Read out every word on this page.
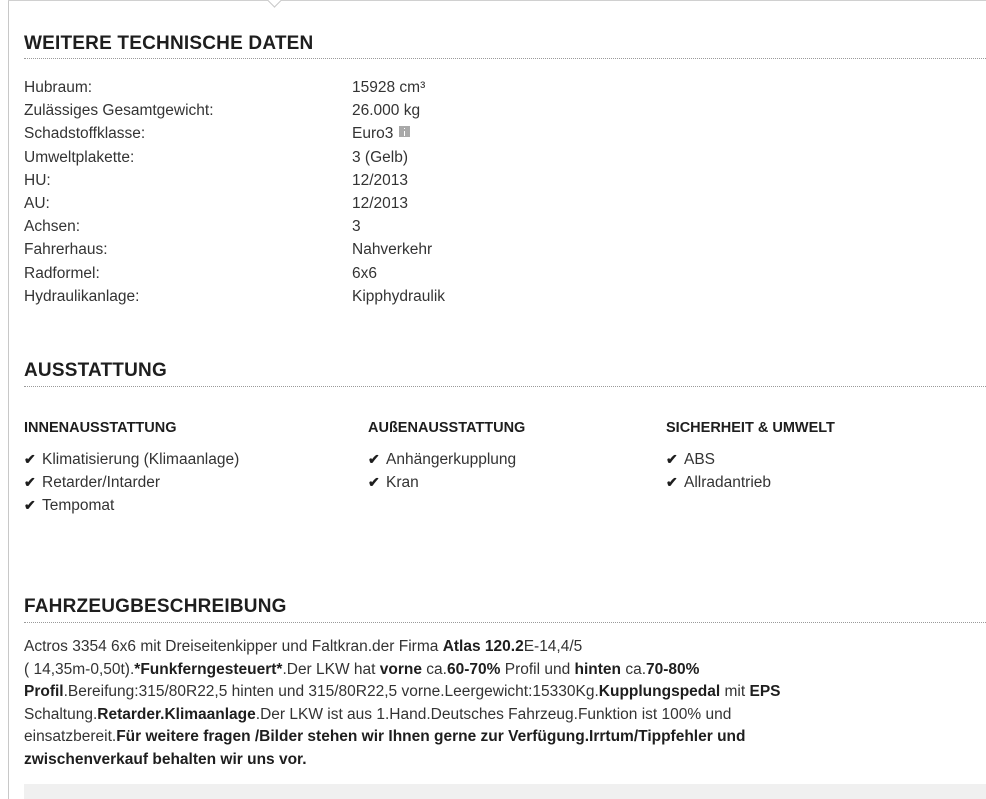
WEITERE TECHNISCHE DATEN
Hubraum:	15928 cm³
Zulässiges Gesamtgewicht:	26.000 kg
Schadstoffklasse:	Euro3
Umweltplakette:	3 (Gelb)
HU:	12/2013
AU:	12/2013
Achsen:	3
Fahrerhaus:	Nahverkehr
Radformel:	6x6
Hydraulikanlage:	Kipphydraulik
AUSSTATTUNG
INNENAUSSTATTUNG
✔ Klimatisierung (Klimaanlage)
✔ Retarder/Intarder
✔ Tempomat
AUßENAUSSTATTUNG
✔ Anhängerkupplung
✔ Kran
SICHERHEIT & UMWELT
✔ ABS
✔ Allradantrieb
FAHRZEUGBESCHREIBUNG
Actros 3354 6x6 mit Dreiseitenkipper und Faltkran.der Firma Atlas 120.2E-14,4/5
( 14,35m-0,50t).*Funkferngesteuert*.Der LKW hat vorne ca.60-70% Profil und hinten ca.70-80%
Profil.Bereifung:315/80R22,5 hinten und 315/80R22,5 vorne.Leergewicht:15330Kg.Kupplungspedal mit EPS
Schaltung.Retarder.Klimaanlage.Der LKW ist aus 1.Hand.Deutsches Fahrzeug.Funktion ist 100% und
einsatzbereit.Für weitere fragen /Bilder stehen wir Ihnen gerne zur Verfügung.Irrtum/Tippfehler und
zwischenverkauf behalten wir uns vor.
